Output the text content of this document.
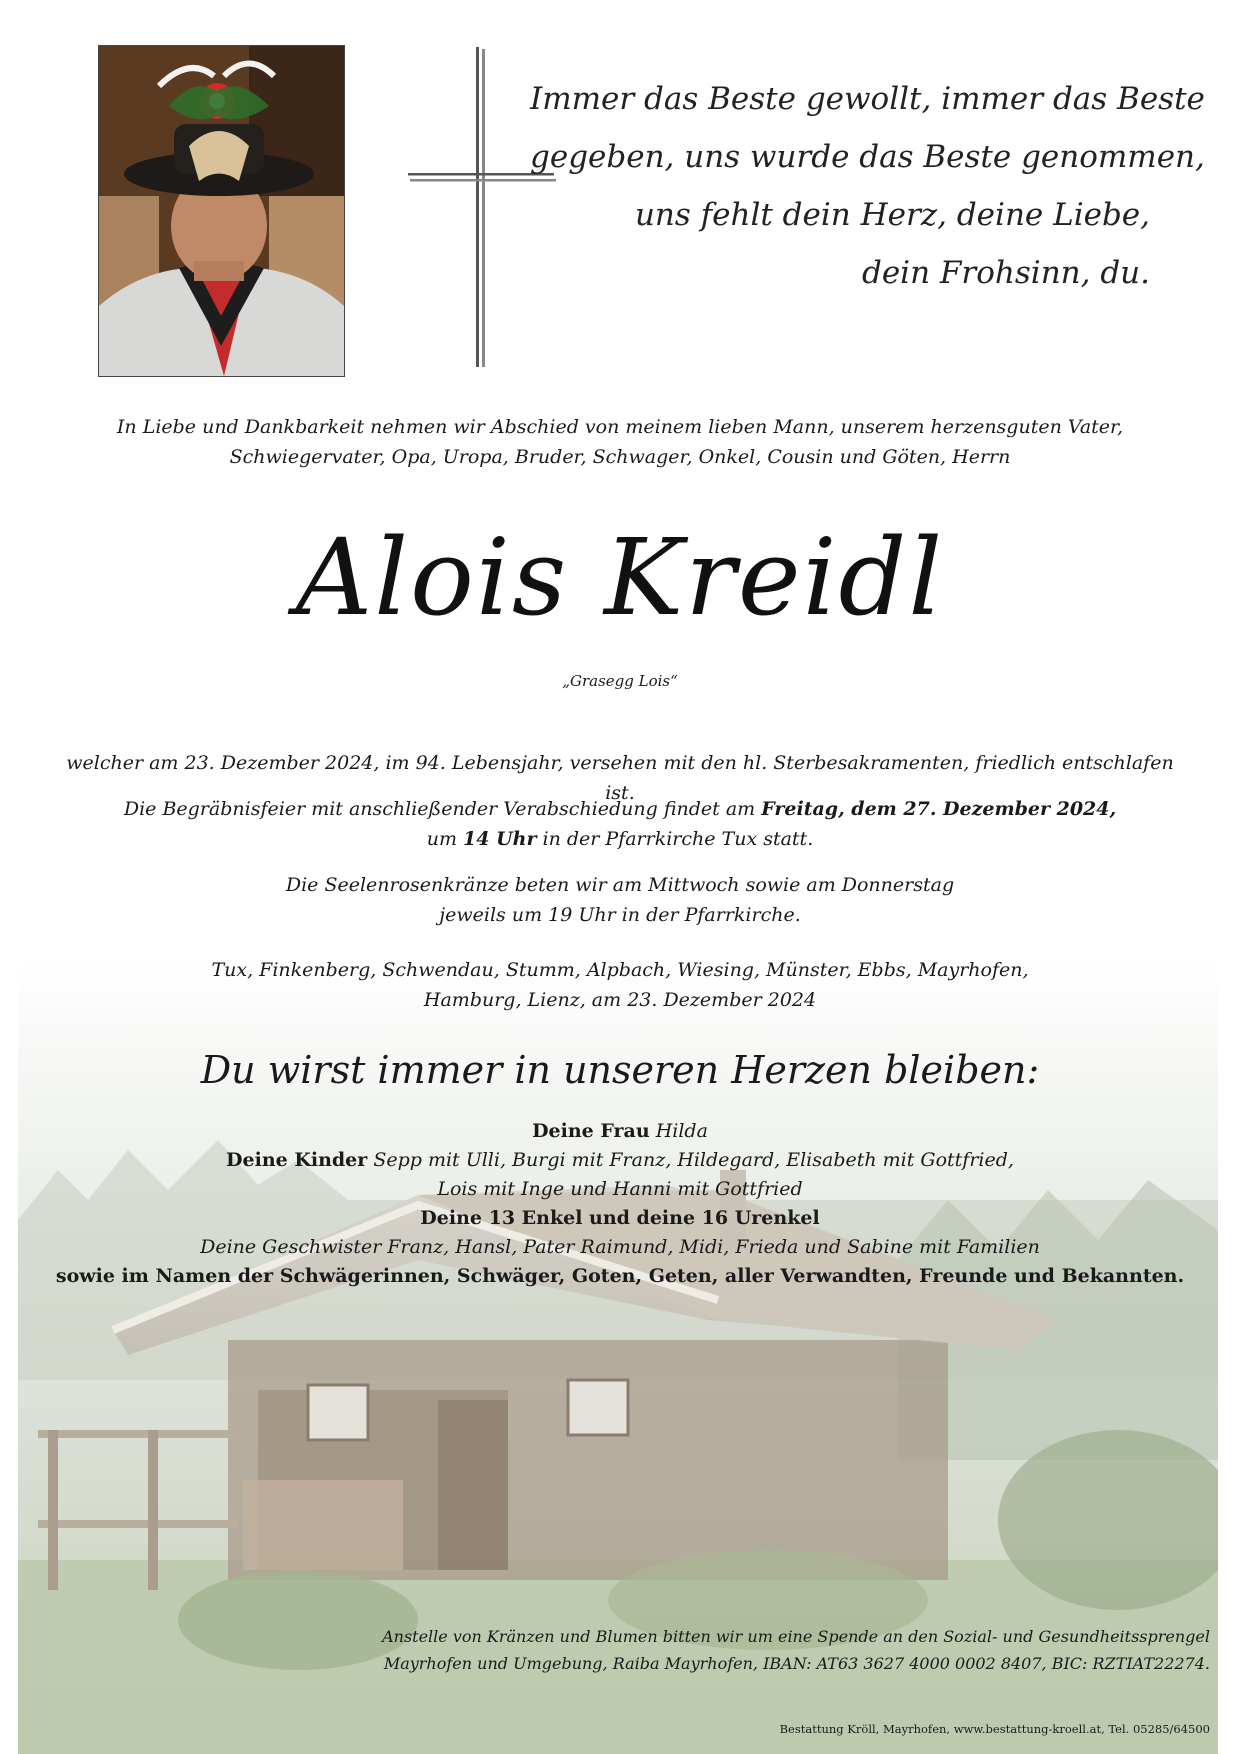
Immer das Beste gewollt, immer das Beste
gegeben, uns wurde das Beste genommen,
uns fehlt dein Herz, deine Liebe,
dein Frohsinn, du.
In Liebe und Dankbarkeit nehmen wir Abschied von meinem lieben Mann, unserem herzensguten Vater,
Schwiegervater, Opa, Uropa, Bruder, Schwager, Onkel, Cousin und Göten, Herrn
Alois Kreidl
„Grasegg Lois“
welcher am 23. Dezember 2024, im 94. Lebensjahr, versehen mit den hl. Sterbesakramenten, friedlich entschlafen ist.
Die Begräbnisfeier mit anschließender Verabschiedung findet am Freitag, dem 27. Dezember 2024,
um 14 Uhr in der Pfarrkirche Tux statt.
Die Seelenrosenkränze beten wir am Mittwoch sowie am Donnerstag
jeweils um 19 Uhr in der Pfarrkirche.
Tux, Finkenberg, Schwendau, Stumm, Alpbach, Wiesing, Münster, Ebbs, Mayrhofen,
Hamburg, Lienz, am 23. Dezember 2024
Du wirst immer in unseren Herzen bleiben:
Deine Frau Hilda
Deine Kinder Sepp mit Ulli, Burgi mit Franz, Hildegard, Elisabeth mit Gottfried,
Lois mit Inge und Hanni mit Gottfried
Deine 13 Enkel und deine 16 Urenkel
Deine Geschwister Franz, Hansl, Pater Raimund, Midi, Frieda und Sabine mit Familien
sowie im Namen der Schwägerinnen, Schwäger, Goten, Geten, aller Verwandten, Freunde und Bekannten.
Anstelle von Kränzen und Blumen bitten wir um eine Spende an den Sozial- und Gesundheitssprengel
Mayrhofen und Umgebung, Raiba Mayrhofen, IBAN: AT63 3627 4000 0002 8407, BIC: RZTIAT22274.
Bestattung Kröll, Mayrhofen, www.bestattung-kroell.at, Tel. 05285/64500
